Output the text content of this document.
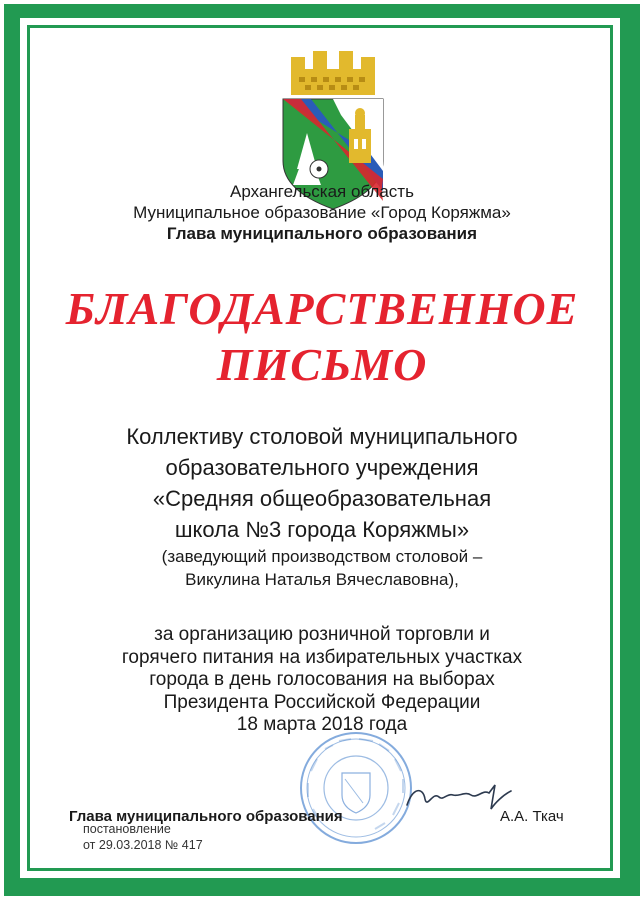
Архангельская область
Муниципальное образование «Город Коряжма»
Глава муниципального образования
БЛАГОДАРСТВЕННОЕ
ПИСЬМО
Коллективу столовой муниципального
образовательного учреждения
«Средняя общеобразовательная
школа №3 города Коряжмы»
(заведующий производством столовой –
Викулина Наталья Вячеславовна),
за организацию розничной торговли и
горячего питания на избирательных участках
города в день голосования на выборах
Президента Российской Федерации
18 марта 2018 года
Глава муниципального образования	А.А. Ткач
постановление
от 29.03.2018 № 417
